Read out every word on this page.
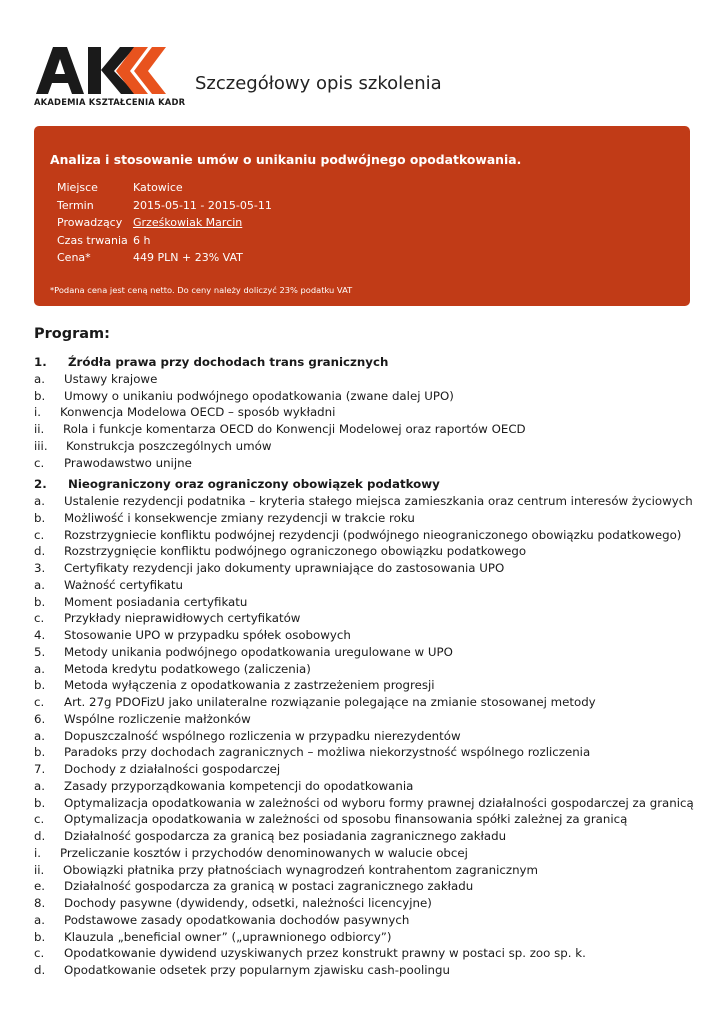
AKADEMIA KSZTAŁCENIA KADR
Szczegółowy opis szkolenia
Analiza i stosowanie umów o unikaniu podwójnego opodatkowania.
Miejsce	Katowice
Termin	2015-05-11 - 2015-05-11
Prowadzący Grześkowiak Marcin
Czas trwania 6 h
Cena*	449 PLN + 23% VAT
*Podana cena jest ceną netto. Do ceny należy doliczyć 23% podatku VAT
Program:
1. Źródła prawa przy dochodach trans granicznych
a. Ustawy krajowe
b. Umowy o unikaniu podwójnego opodatkowania (zwane dalej UPO)
i. Konwencja Modelowa OECD – sposób wykładni
ii. Rola i funkcje komentarza OECD do Konwencji Modelowej oraz raportów OECD
iii. Konstrukcja poszczególnych umów
c. Prawodawstwo unijne
2. Nieograniczony oraz ograniczony obowiązek podatkowy
a. Ustalenie rezydencji podatnika – kryteria stałego miejsca zamieszkania oraz centrum interesów życiowych
b. Możliwość i konsekwencje zmiany rezydencji w trakcie roku
c. Rozstrzygniecie konfliktu podwójnej rezydencji (podwójnego nieograniczonego obowiązku podatkowego)
d. Rozstrzygnięcie konfliktu podwójnego ograniczonego obowiązku podatkowego
3. Certyfikaty rezydencji jako dokumenty uprawniające do zastosowania UPO
a. Ważność certyfikatu
b. Moment posiadania certyfikatu
c. Przykłady nieprawidłowych certyfikatów
4. Stosowanie UPO w przypadku spółek osobowych
5. Metody unikania podwójnego opodatkowania uregulowane w UPO
a. Metoda kredytu podatkowego (zaliczenia)
b. Metoda wyłączenia z opodatkowania z zastrzeżeniem progresji
c. Art. 27g PDOFizU jako unilateralne rozwiązanie polegające na zmianie stosowanej metody
6. Wspólne rozliczenie małżonków
a. Dopuszczalność wspólnego rozliczenia w przypadku nierezydentów
b. Paradoks przy dochodach zagranicznych – możliwa niekorzystność wspólnego rozliczenia
7. Dochody z działalności gospodarczej
a. Zasady przyporządkowania kompetencji do opodatkowania
b. Optymalizacja opodatkowania w zależności od wyboru formy prawnej działalności gospodarczej za granicą
c. Optymalizacja opodatkowania w zależności od sposobu finansowania spółki zależnej za granicą
d. Działalność gospodarcza za granicą bez posiadania zagranicznego zakładu
i. Przeliczanie kosztów i przychodów denominowanych w walucie obcej
ii. Obowiązki płatnika przy płatnościach wynagrodzeń kontrahentom zagranicznym
e. Działalność gospodarcza za granicą w postaci zagranicznego zakładu
8. Dochody pasywne (dywidendy, odsetki, należności licencyjne)
a. Podstawowe zasady opodatkowania dochodów pasywnych
b. Klauzula „beneficial owner” („uprawnionego odbiorcy”)
c. Opodatkowanie dywidend uzyskiwanych przez konstrukt prawny w postaci sp. zoo sp. k.
d. Opodatkowanie odsetek przy popularnym zjawisku cash-poolingu
